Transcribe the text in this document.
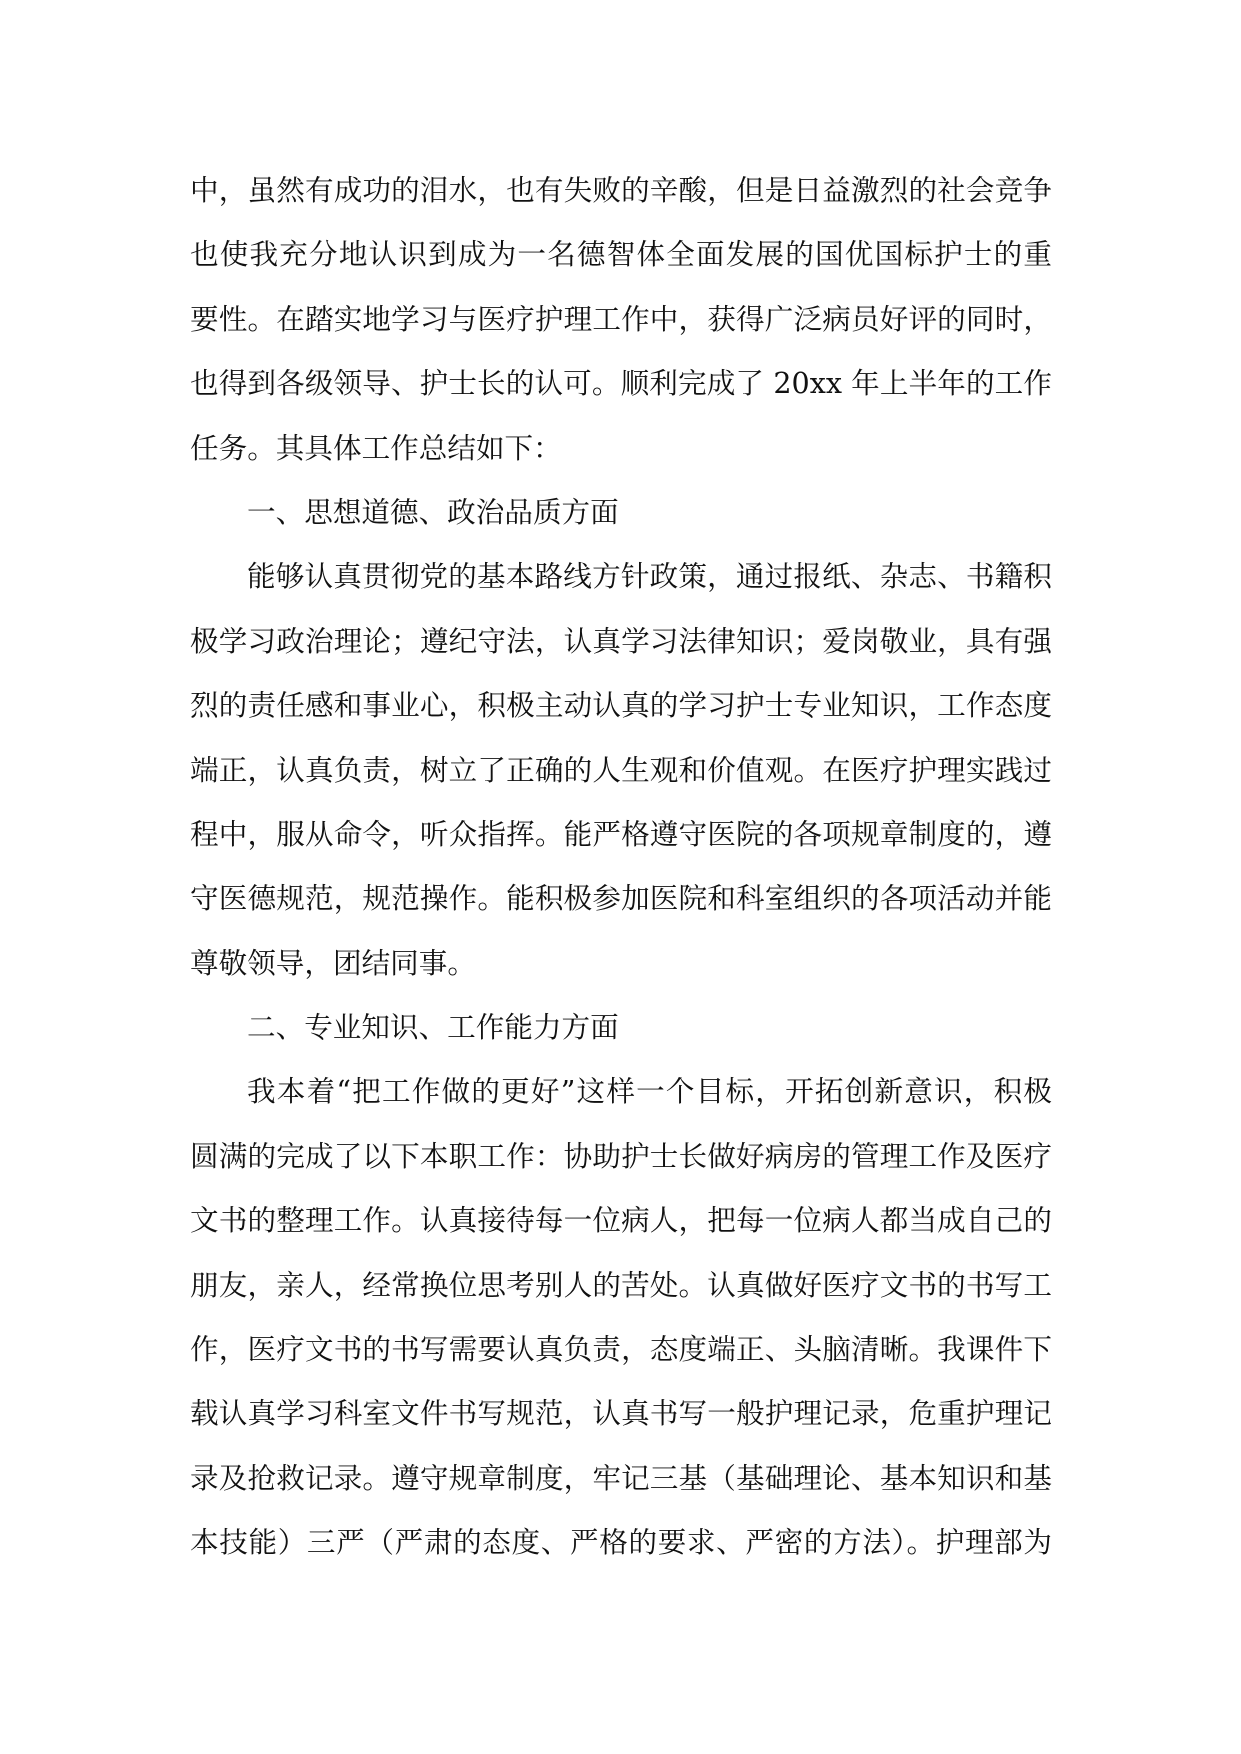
中，虽然有成功的泪水，也有失败的辛酸，但是日益激烈的社会竞争
也使我充分地认识到成为一名德智体全面发展的国优国标护士的重
要性。在踏实地学习与医疗护理工作中，获得广泛病员好评的同时，
也得到各级领导、护士长的认可。顺利完成了 20xx 年上半年的工作
任务。其具体工作总结如下：
一、思想道德、政治品质方面
能够认真贯彻党的基本路线方针政策，通过报纸、杂志、书籍积
极学习政治理论；遵纪守法，认真学习法律知识；爱岗敬业，具有强
烈的责任感和事业心，积极主动认真的学习护士专业知识，工作态度
端正，认真负责，树立了正确的人生观和价值观。在医疗护理实践过
程中，服从命令，听众指挥。能严格遵守医院的各项规章制度的，遵
守医德规范，规范操作。能积极参加医院和科室组织的各项活动并能
尊敬领导，团结同事。
二、专业知识、工作能力方面
我本着“把工作做的更好”这样一个目标，开拓创新意识，积极
圆满的完成了以下本职工作：协助护士长做好病房的管理工作及医疗
文书的整理工作。认真接待每一位病人，把每一位病人都当成自己的
朋友，亲人，经常换位思考别人的苦处。认真做好医疗文书的书写工
作，医疗文书的书写需要认真负责，态度端正、头脑清晰。我课件下
载认真学习科室文件书写规范，认真书写一般护理记录，危重护理记
录及抢救记录。遵守规章制度，牢记三基（基础理论、基本知识和基
本技能）三严（严肃的态度、严格的要求、严密的方法）。护理部为
